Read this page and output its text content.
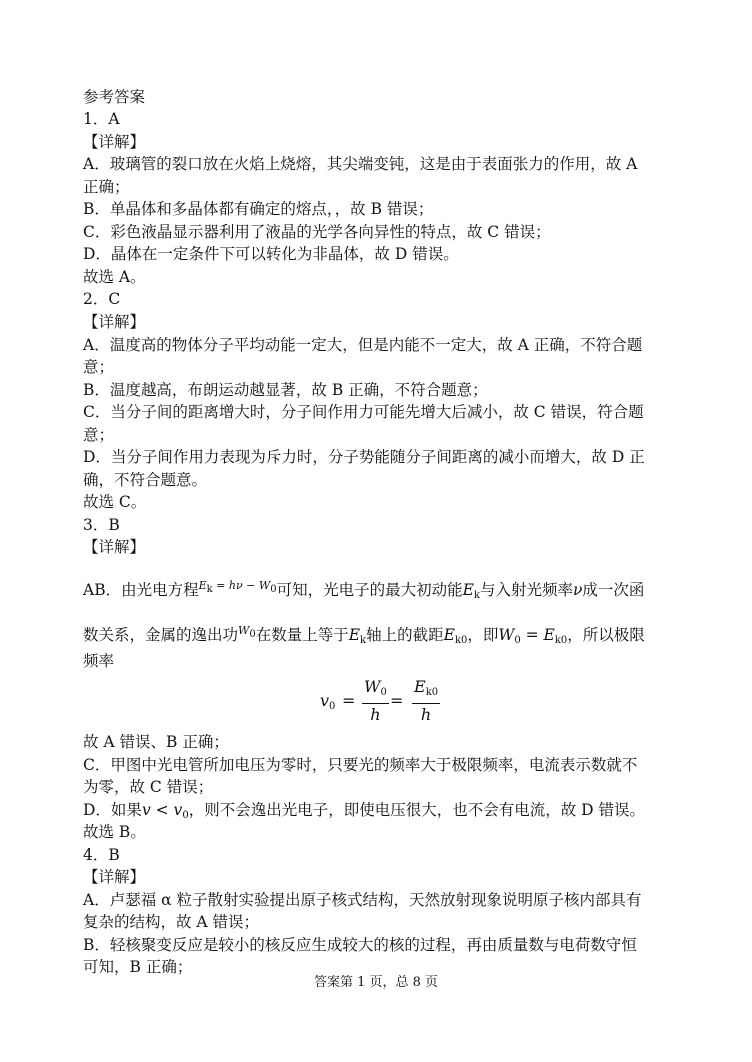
参考答案
1．A
【详解】
A．玻璃管的裂口放在火焰上烧熔，其尖端变钝，这是由于表面张力的作用，故 A
正确；
B．单晶体和多晶体都有确定的熔点，，故 B 错误；
C．彩色液晶显示器利用了液晶的光学各向异性的特点，故 C 错误；
D．晶体在一定条件下可以转化为非晶体，故 D 错误。
故选 A。
2．C
【详解】
A．温度高的物体分子平均动能一定大，但是内能不一定大，故 A 正确，不符合题
意；
B．温度越高，布朗运动越显著，故 B 正确，不符合题意；
C．当分子间的距离增大时，分子间作用力可能先增大后减小，故 C 错误，符合题
意；
D．当分子间作用力表现为斥力时，分子势能随分子间距离的减小而增大，故 D 正
确，不符合题意。
故选 C。
3．B
【详解】
AB．由光电方程$^{Ek = h\nu - W0}$可知，光电子的最大初动能$E_k$与入射光频率ν成一次函
数关系，金属的逸出功$^{W0}$在数量上等于$E_k$轴上的截距$E_{k0}$，即$W_0 = E_{k0}$，所以极限
频率
$v_0 = \frac{W_0}{h} = \frac{E_{k0}}{h}$
故 A 错误、B 正确；
C．甲图中光电管所加电压为零时，只要光的频率大于极限频率，电流表示数就不
为零，故 C 错误；
D．如果$v < v_0$，则不会逸出光电子，即使电压很大，也不会有电流，故 D 错误。
故选 B。
4．B
【详解】
A．卢瑟福 α 粒子散射实验提出原子核式结构，天然放射现象说明原子核内部具有
复杂的结构，故 A 错误；
B．轻核聚变反应是较小的核反应生成较大的核的过程，再由质量数与电荷数守恒
可知，B 正确；
答案第 1 页，总 8 页
